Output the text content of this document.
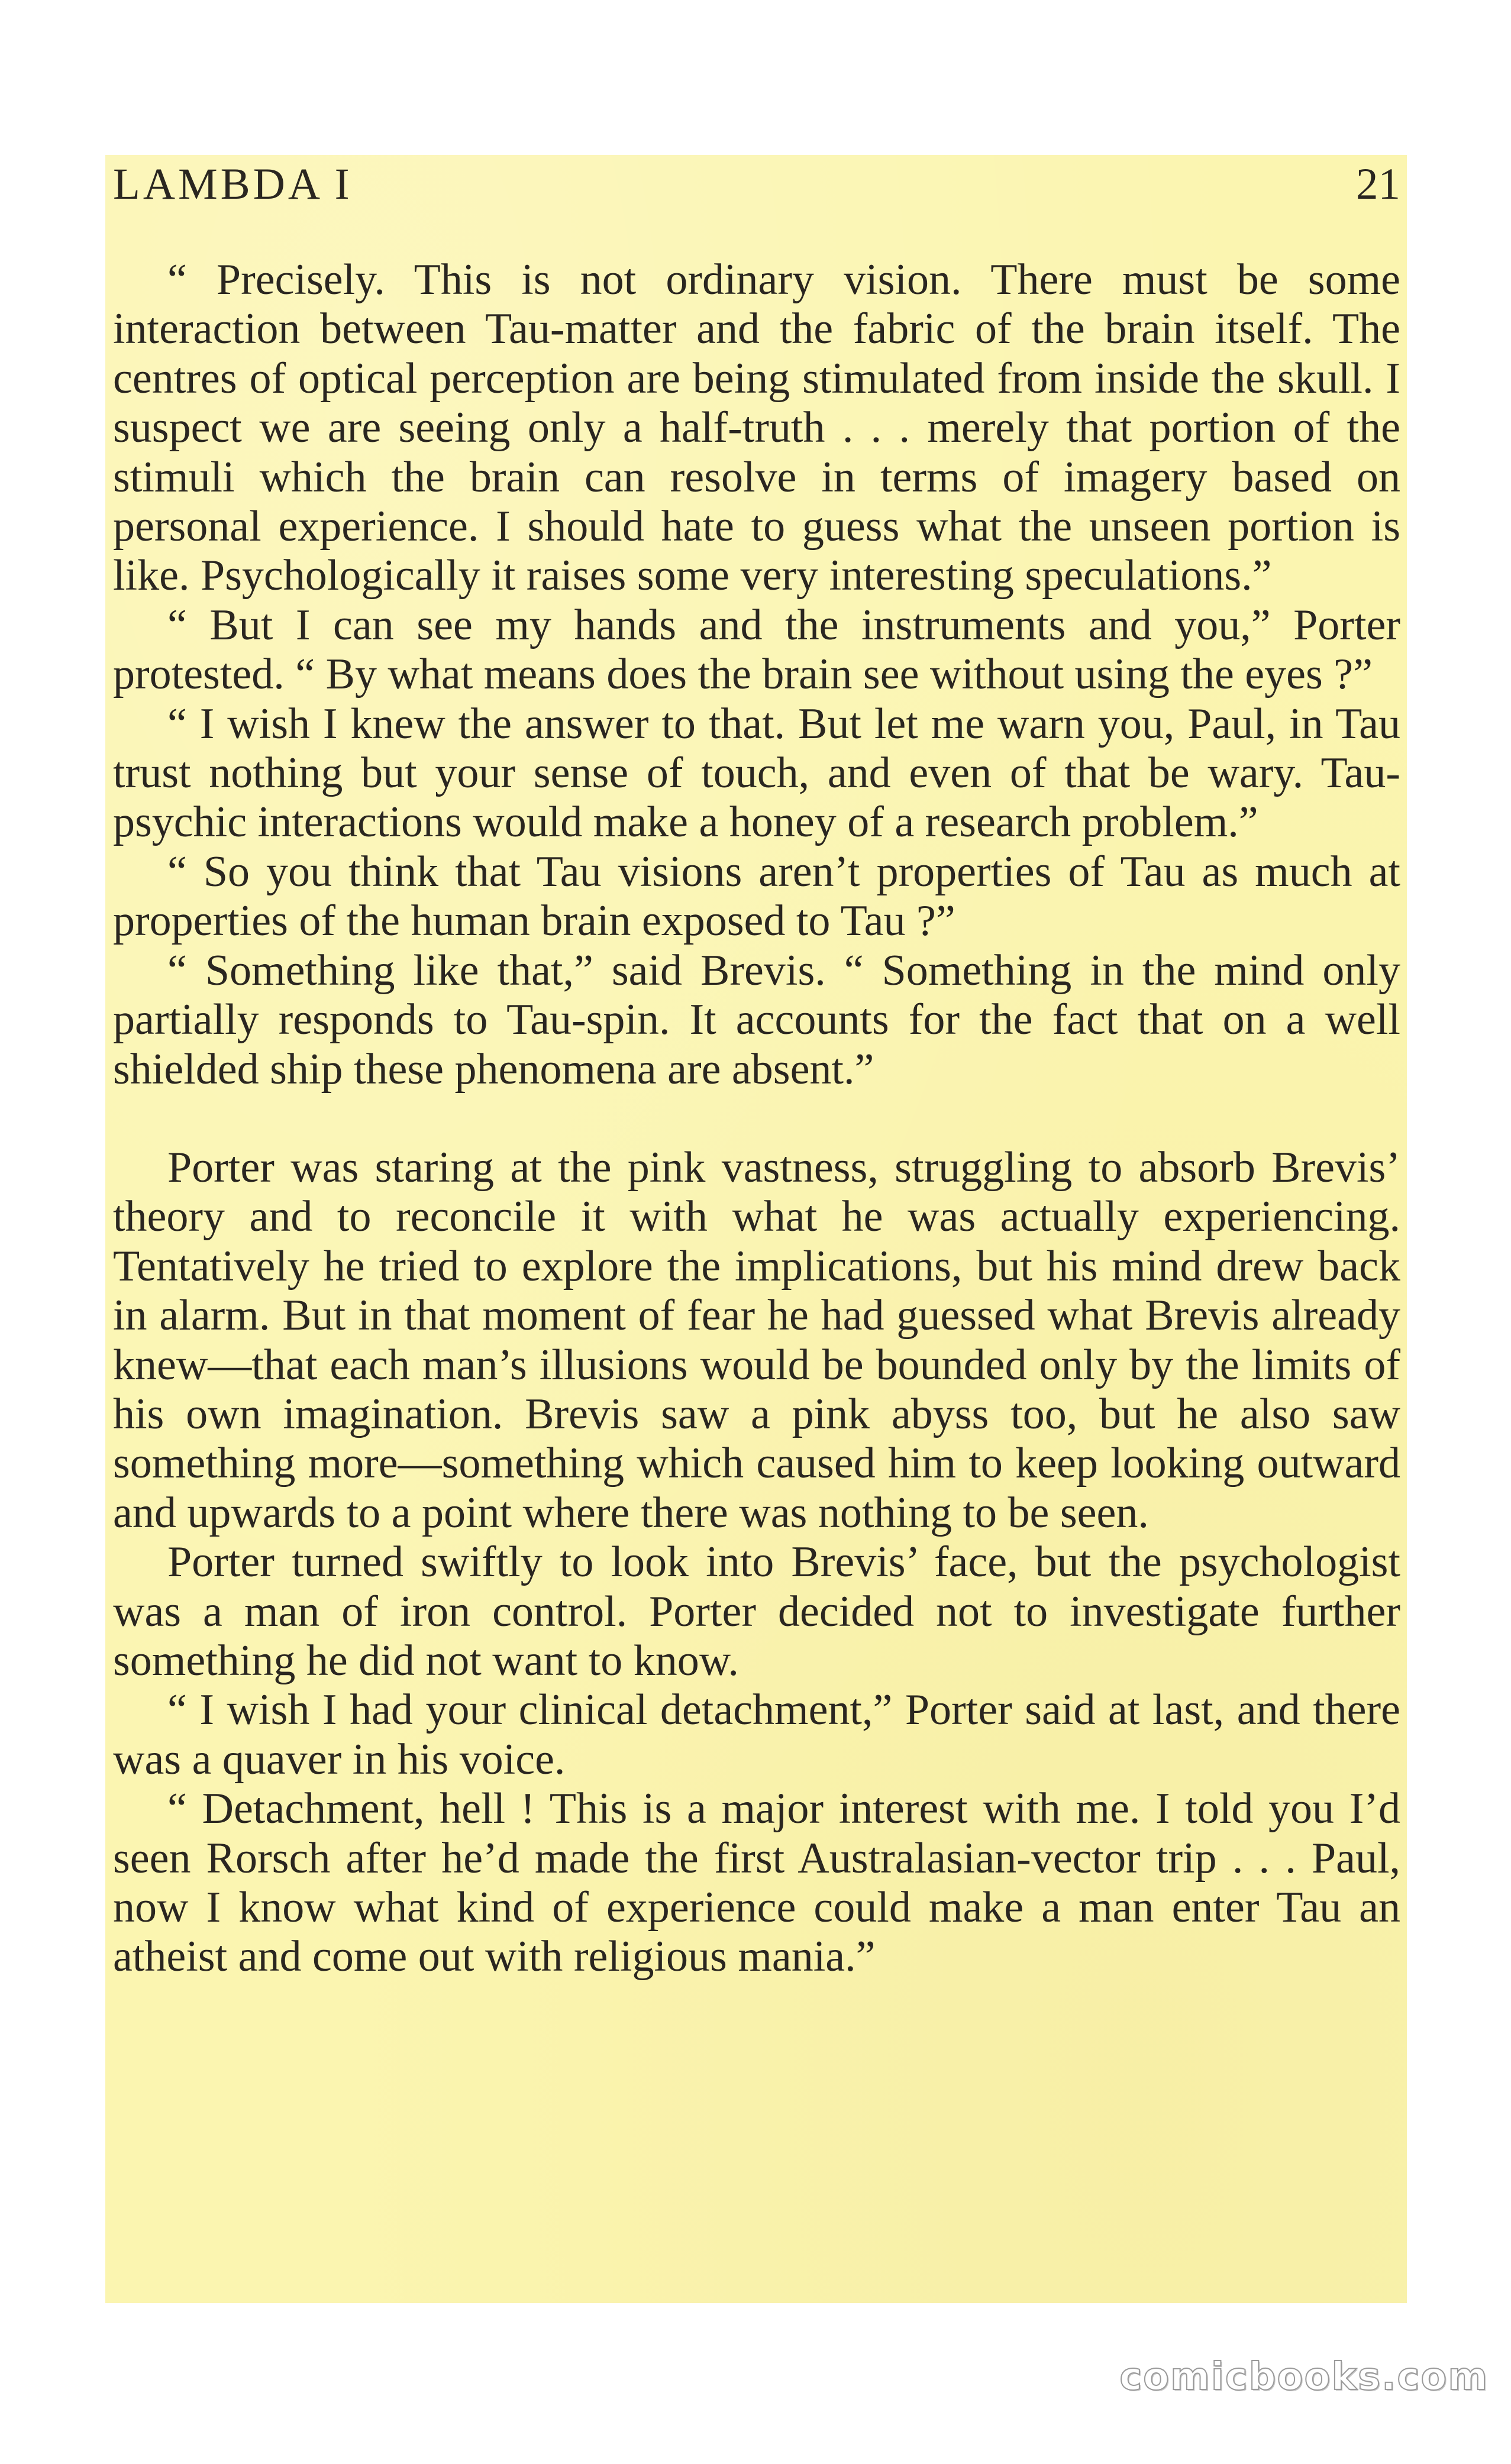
LAMBDA I	21

“ Precisely. This is not ordinary vision. There must be some interaction between Tau-matter and the fabric of the brain itself. The centres of optical perception are being stimulated from inside the skull. I suspect we are seeing only a half-truth . . . merely that portion of the stimuli which the brain can resolve in terms of imagery based on personal experience. I should hate to guess what the unseen portion is like. Psychologically it raises some very interesting speculations.”

“ But I can see my hands and the instruments and you,” Porter protested. “ By what means does the brain see without using the eyes ?”

“ I wish I knew the answer to that. But let me warn you, Paul, in Tau trust nothing but your sense of touch, and even of that be wary. Tau-psychic interactions would make a honey of a research problem.”

“ So you think that Tau visions aren’t properties of Tau as much at properties of the human brain exposed to Tau ?”

“ Something like that,” said Brevis. “ Something in the mind only partially responds to Tau-spin. It accounts for the fact that on a well shielded ship these phenomena are absent.”

Porter was staring at the pink vastness, struggling to absorb Brevis’ theory and to reconcile it with what he was actually experiencing. Tentatively he tried to explore the implications, but his mind drew back in alarm. But in that moment of fear he had guessed what Brevis already knew—that each man’s illusions would be bounded only by the limits of his own imagination. Brevis saw a pink abyss too, but he also saw something more—something which caused him to keep looking outward and upwards to a point where there was nothing to be seen.

Porter turned swiftly to look into Brevis’ face, but the psychologist was a man of iron control. Porter decided not to investigate further something he did not want to know.

“ I wish I had your clinical detachment,” Porter said at last, and there was a quaver in his voice.

“ Detachment, hell ! This is a major interest with me. I told you I’d seen Rorsch after he’d made the first Australasian-vector trip . . . Paul, now I know what kind of experience could make a man enter Tau an atheist and come out with religious mania.”

comicbooks.com
